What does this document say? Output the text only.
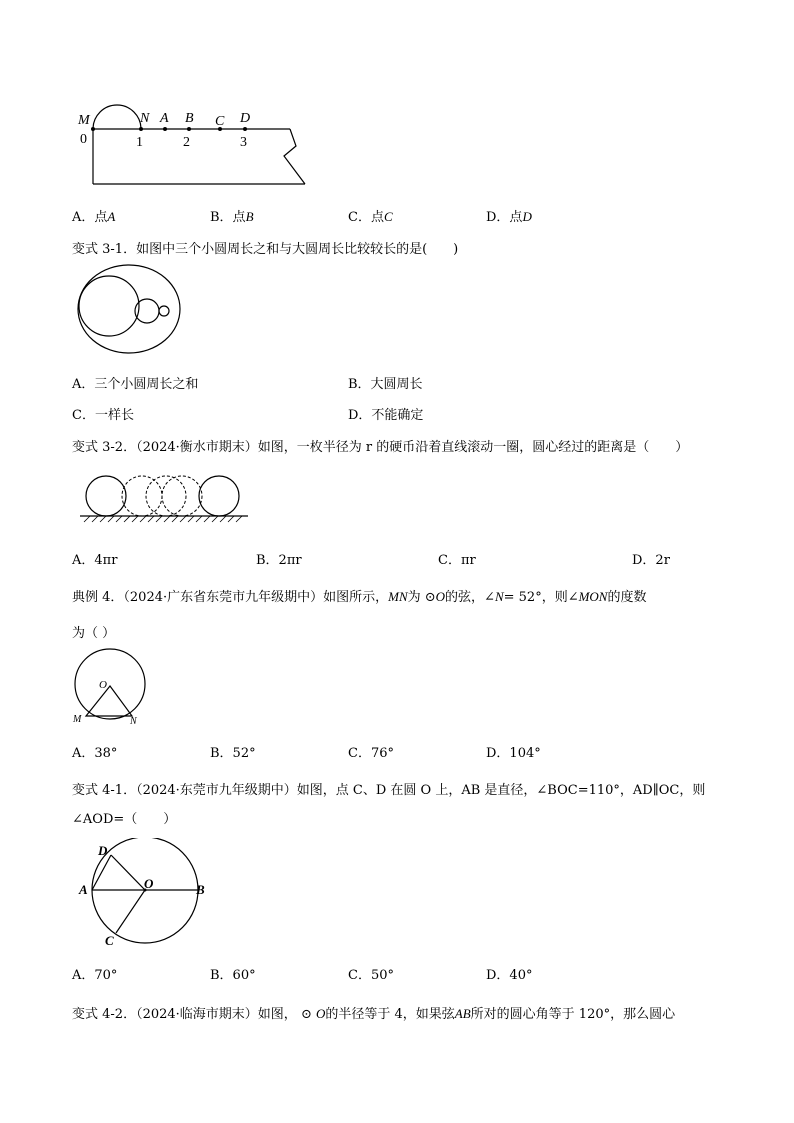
M	N A B C D
0	1	2	3
A．点A	B．点B	C．点C	D．点D
变式 3-1．如图中三个小圆周长之和与大圆周长比较较长的是(　　)
A．三个小圆周长之和	B．大圆周长
C．一样长	D．不能确定
变式 3-2．（2024·衡水市期末）如图，一枚半径为 r 的硬币沿着直线滚动一圈，圆心经过的距离是（　　）
A．4πr	B．2πr	C．πr	D．2r
典例 4．（2024·广东省东莞市九年级期中）如图所示，MN为 ⊙O的弦，∠N= 52°，则∠MON的度数
为（ ）
O
M	N
A．38°	B．52°	C．76°	D．104°
变式 4-1．（2024·东莞市九年级期中）如图，点 C、D 在圆 O 上，AB 是直径，∠BOC=110°，AD∥OC，则
∠AOD=（　　）
D
A	O	B
C
A．70°	B．60°	C．50°	D．40°
变式 4-2．（2024·临海市期末）如图， ⊙ O的半径等于 4，如果弦AB所对的圆心角等于 120°，那么圆心
